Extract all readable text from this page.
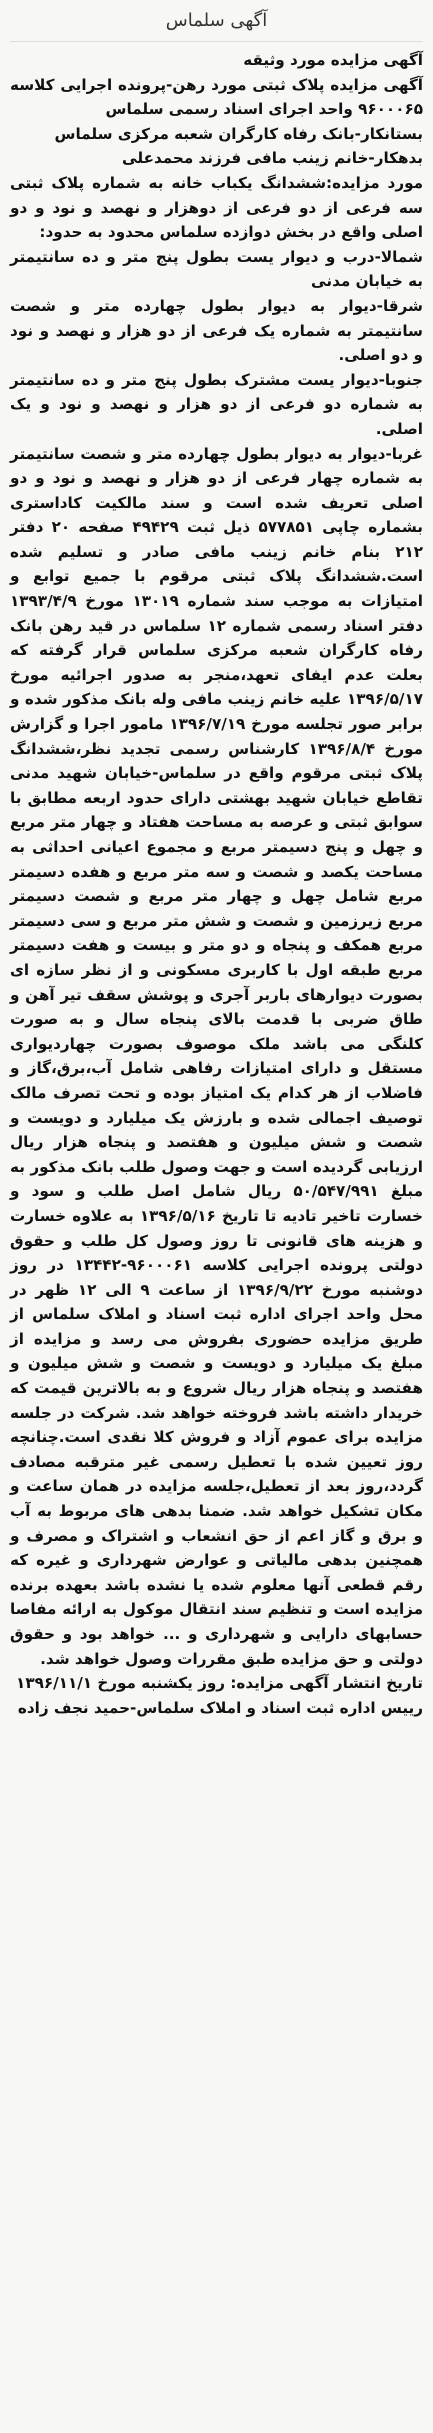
آگهی سلماس

آگهی مزایده مورد وثیقه

آگهی مزایده پلاک ثبتی مورد رهن-پرونده اجرایی کلاسه ۹۶۰۰۰۶۵ واحد اجرای اسناد رسمی سلماس

بستانکار-بانک رفاه کارگران شعبه مرکزی سلماس

بدهکار-خانم زینب مافی فرزند محمدعلی

مورد مزایده:ششدانگ یکباب خانه به شماره پلاک ثبتی سه فرعی از دو فرعی از دوهزار و نهصد و نود و دو اصلی واقع در بخش دوازده سلماس محدود به حدود:

شمالا-درب و دیوار یست بطول پنج متر و ده سانتیمتر به خیابان مدنی

شرقا-دیوار به دیوار بطول چهارده متر و شصت سانتیمتر به شماره یک فرعی از دو هزار و نهصد و نود و دو اصلی.

جنوبا-دیوار یست مشترک بطول پنج متر و ده سانتیمتر به شماره دو فرعی از دو هزار و نهصد و نود و یک اصلی.

غربا-دیوار به دیوار بطول چهارده متر و شصت سانتیمتر به شماره چهار فرعی از دو هزار و نهصد و نود و دو اصلی تعریف شده است و سند مالکیت کاداستری بشماره چاپی ۵۷۷۸۵۱ ذیل ثبت ۴۹۴۲۹ صفحه ۲۰ دفتر ۲۱۲ بنام خانم زینب مافی صادر و تسلیم شده است.ششدانگ پلاک ثبتی مرقوم با جمیع توابع و امتیازات به موجب سند شماره ۱۳۰۱۹ مورخ ۱۳۹۳/۴/۹ دفتر اسناد رسمی شماره ۱۲ سلماس در قید رهن بانک رفاه کارگران شعبه مرکزی سلماس قرار گرفته که بعلت عدم ایفای تعهد،منجر به صدور اجرائیه مورخ ۱۳۹۶/۵/۱۷ علیه خانم زینب مافی وله بانک مذکور شده و برابر صور تجلسه مورخ ۱۳۹۶/۷/۱۹ مامور اجرا و گزارش مورخ ۱۳۹۶/۸/۴ کارشناس رسمی تجدید نظر،ششدانگ پلاک ثبتی مرقوم واقع در سلماس-خیابان شهید مدنی تقاطع خیابان شهید بهشتی دارای حدود اربعه مطابق با سوابق ثبتی و عرصه به مساحت هفتاد و چهار متر مربع و چهل و پنج دسیمتر مربع و مجموع اعیانی احداثی به مساحت یکصد و شصت و سه متر مربع و هفده دسیمتر مربع شامل چهل و چهار متر مربع و شصت دسیمتر مربع زیرزمین و شصت و شش متر مربع و سی دسیمتر مربع همکف و پنجاه و دو متر و بیست و هفت دسیمتر مربع طبقه اول با کاربری مسکونی و از نظر سازه ای بصورت دیوارهای باربر آجری و پوشش سقف تیر آهن و طاق ضربی با قدمت بالای پنجاه سال و به صورت کلنگی می باشد ملک موصوف بصورت چهاردیواری مستقل و دارای امتیازات رفاهی شامل آب،برق،گاز و فاضلاب از هر کدام یک امتیاز بوده و تحت تصرف مالک توصیف اجمالی شده و بارزش یک میلیارد و دویست و شصت و شش میلیون و هفتصد و پنجاه هزار ریال ارزیابی گردیده است و جهت وصول طلب بانک مذکور به مبلغ ۵۰/۵۴۷/۹۹۱ ریال شامل اصل طلب و سود و خسارت تاخیر تادیه تا تاریخ ۱۳۹۶/۵/۱۶ به علاوه خسارت و هزینه های قانونی تا روز وصول کل طلب و حقوق دولتی پرونده اجرایی کلاسه ۹۶۰۰۰۶۱-۱۳۴۴۲ در روز دوشنبه مورخ ۱۳۹۶/۹/۲۲ از ساعت ۹ الی ۱۲ ظهر در محل واحد اجرای اداره ثبت اسناد و املاک سلماس از طریق مزایده حضوری بفروش می رسد و مزایده از مبلغ یک میلیارد و دویست و شصت و شش میلیون و هفتصد و پنجاه هزار ریال شروع و به بالاترین قیمت که خریدار داشته باشد فروخته خواهد شد. شرکت در جلسه مزایده برای عموم آزاد و فروش کلا نقدی است.چنانچه روز تعیین شده با تعطیل رسمی غیر مترقبه مصادف گردد،روز بعد از تعطیل،جلسه مزایده در همان ساعت و مکان تشکیل خواهد شد. ضمنا بدهی های مربوط به آب و برق و گاز اعم از حق انشعاب و اشتراک و مصرف و همچنین بدهی مالیاتی و عوارض شهرداری و غیره که رقم قطعی آنها معلوم شده یا نشده باشد بعهده برنده مزایده است و تنظیم سند انتقال موکول به ارائه مفاصا حسابهای دارایی و شهرداری و ... خواهد بود و حقوق دولتی و حق مزایده طبق مقررات وصول خواهد شد.

تاریخ انتشار آگهی مزایده: روز یکشنبه مورخ ۱۳۹۶/۱۱/۱

رییس اداره ثبت اسناد و املاک سلماس-حمید نجف زاده
